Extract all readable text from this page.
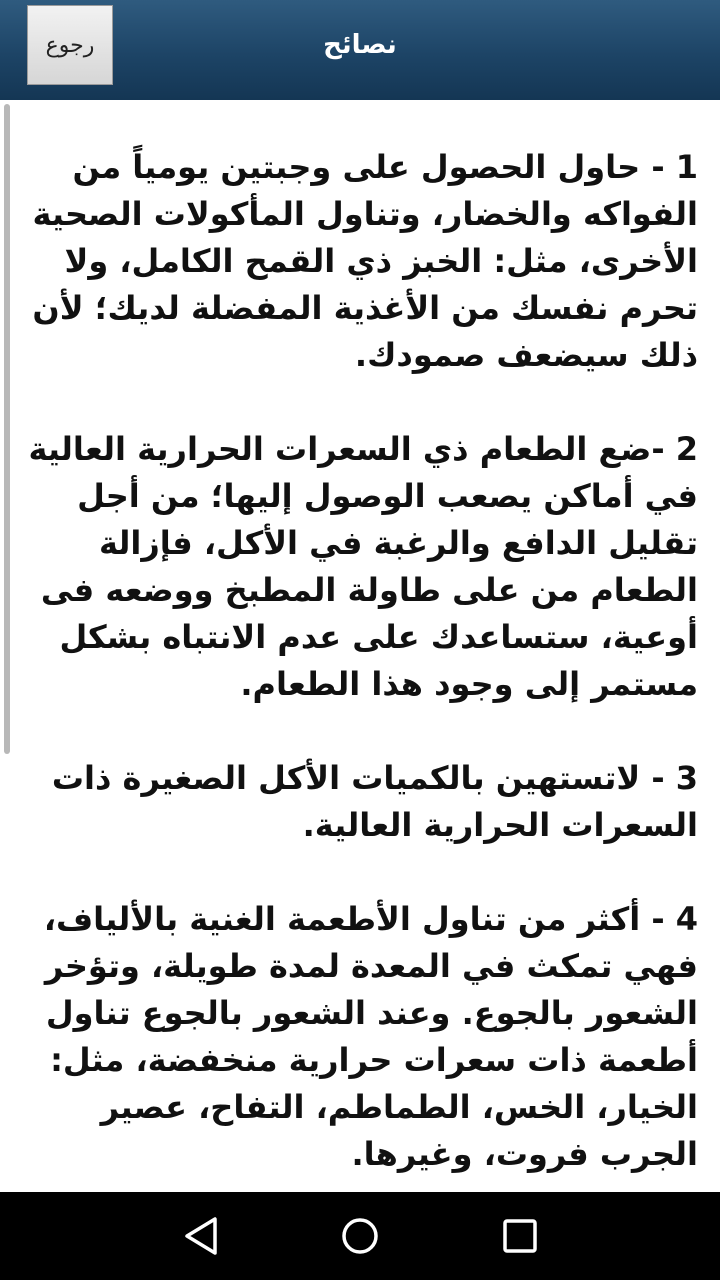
رجوع	نصائح

1 - حاول الحصول على وجبتين يومياً من الفواكه والخضار، وتناول المأكولات الصحية الأخرى، مثل: الخبز ذي القمح الكامل، ولا تحرم نفسك من الأغذية المفضلة لديك؛ لأن ذلك سيضعف صمودك.

2 -ضع الطعام ذي السعرات الحرارية العالية في أماكن يصعب الوصول إليها؛ من أجل تقليل الدافع والرغبة في الأكل، فإزالة الطعام من على طاولة المطبخ ووضعه فى أوعية، ستساعدك على عدم الانتباه بشكل مستمر إلى وجود هذا الطعام.

3 - لاتستهين بالكميات الأكل الصغيرة ذات السعرات الحرارية العالية.

4 - أكثر من تناول الأطعمة الغنية بالألياف، فهي تمكث في المعدة لمدة طويلة، وتؤخر الشعور بالجوع. وعند الشعور بالجوع تناول أطعمة ذات سعرات حرارية منخفضة، مثل: الخيار، الخس، الطماطم، التفاح، عصير الجرب فروت، وغيرها.
